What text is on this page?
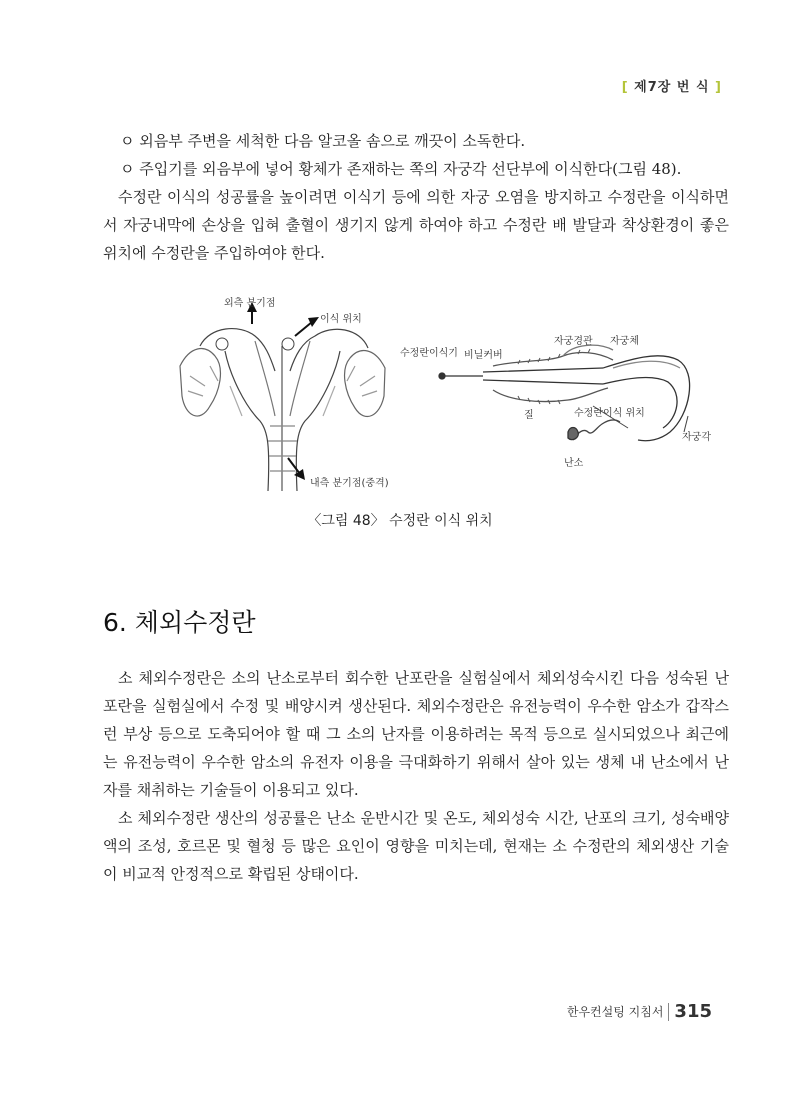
[ 제7장 번 식 ]

ㅇ 외음부 주변을 세척한 다음 알코올 솜으로 깨끗이 소독한다.

ㅇ 주입기를 외음부에 넣어 황체가 존재하는 쪽의 자궁각 선단부에 이식한다(그림 48).

수정란 이식의 성공률을 높이려면 이식기 등에 의한 자궁 오염을 방지하고 수정란을 이식하면서 자궁내막에 손상을 입혀 출혈이 생기지 않게 하여야 하고 수정란 배 발달과 착상환경이 좋은 위치에 수정란을 주입하여야 한다.

외측 분기점
이식 위치
내측 분기점(중격)
수정란이식기 비닐커버
자궁경관 자궁체
질	수정란이식 위치
자궁각
난소
〈그림 48〉 수정란 이식 위치
6. 체외수정란

소 체외수정란은 소의 난소로부터 회수한 난포란을 실험실에서 체외성숙시킨 다음 성숙된 난포란을 실험실에서 수정 및 배양시켜 생산된다. 체외수정란은 유전능력이 우수한 암소가 갑작스런 부상 등으로 도축되어야 할 때 그 소의 난자를 이용하려는 목적 등으로 실시되었으나 최근에는 유전능력이 우수한 암소의 유전자 이용을 극대화하기 위해서 살아 있는 생체 내 난소에서 난자를 채취하는 기술들이 이용되고 있다.

소 체외수정란 생산의 성공률은 난소 운반시간 및 온도, 체외성숙 시간, 난포의 크기, 성숙배양액의 조성, 호르몬 및 혈청 등 많은 요인이 영향을 미치는데, 현재는 소 수정란의 체외생산 기술이 비교적 안정적으로 확립된 상태이다.

한우컨설팅 지침서 315
